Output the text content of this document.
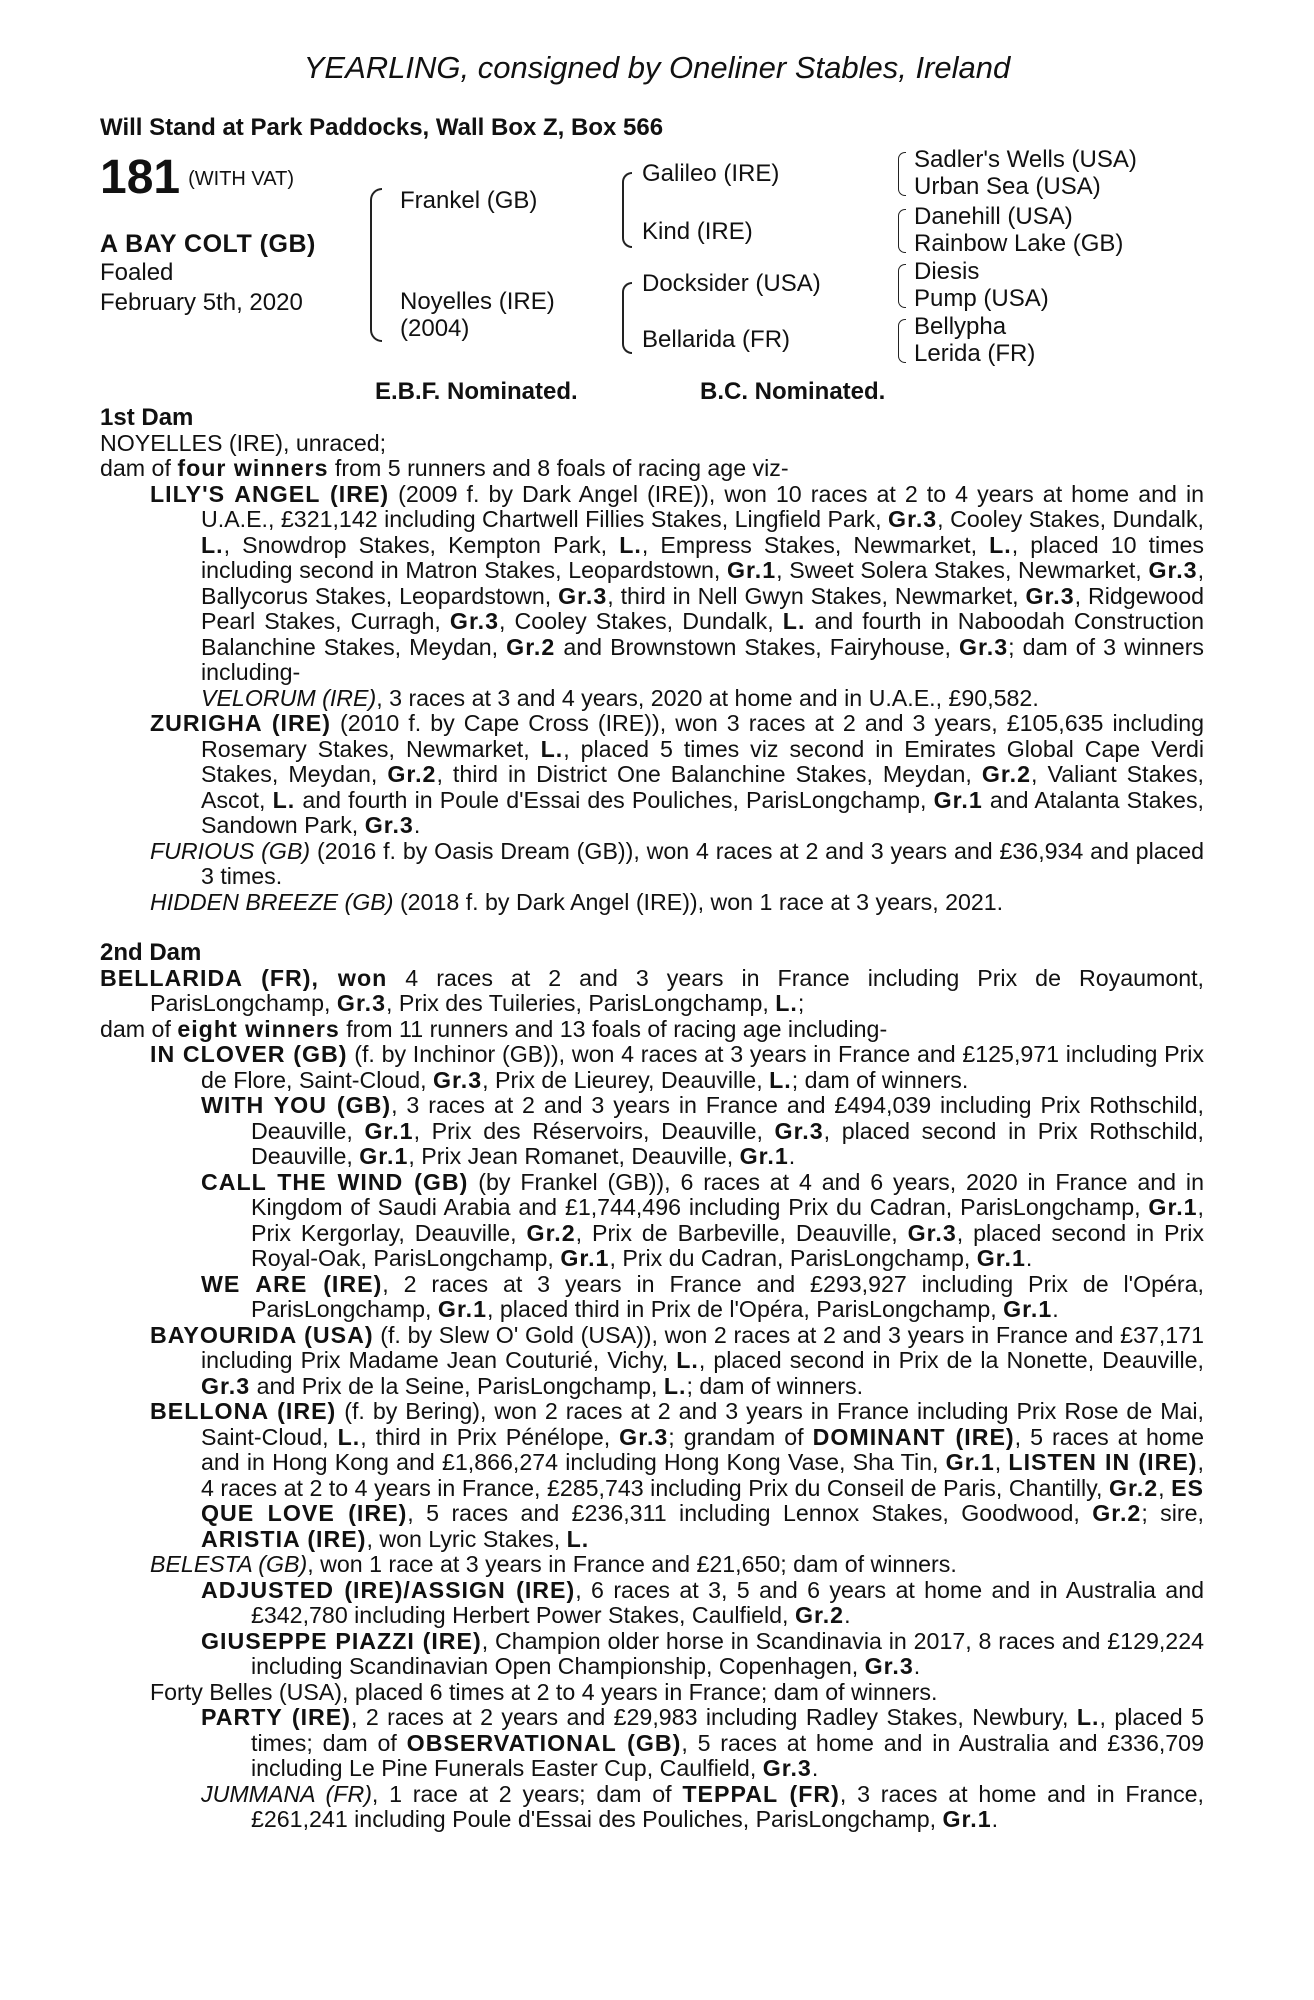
YEARLING, consigned by Oneliner Stables, Ireland
Will Stand at Park Paddocks, Wall Box Z, Box 566
181 (WITH VAT)
A BAY COLT (GB)
Foaled
February 5th, 2020
Frankel (GB)
Noyelles (IRE)
(2004)
Galileo (IRE)
Kind (IRE)
Docksider (USA)
Bellarida (FR)
Sadler's Wells (USA)
Urban Sea (USA)
Danehill (USA)
Rainbow Lake (GB)
Diesis
Pump (USA)
Bellypha
Lerida (FR)
E.B.F. Nominated.	B.C. Nominated.
1st Dam
NOYELLES (IRE), unraced;
dam of four winners from 5 runners and 8 foals of racing age viz-
LILY'S ANGEL (IRE) (2009 f. by Dark Angel (IRE)), won 10 races at 2 to 4 years at home and in U.A.E., £321,142 including Chartwell Fillies Stakes, Lingfield Park, Gr.3, Cooley Stakes, Dundalk, L., Snowdrop Stakes, Kempton Park, L., Empress Stakes, Newmarket, L., placed 10 times including second in Matron Stakes, Leopardstown, Gr.1, Sweet Solera Stakes, Newmarket, Gr.3, Ballycorus Stakes, Leopardstown, Gr.3, third in Nell Gwyn Stakes, Newmarket, Gr.3, Ridgewood Pearl Stakes, Curragh, Gr.3, Cooley Stakes, Dundalk, L. and fourth in Naboodah Construction Balanchine Stakes, Meydan, Gr.2 and Brownstown Stakes, Fairyhouse, Gr.3; dam of 3 winners including-
VELORUM (IRE), 3 races at 3 and 4 years, 2020 at home and in U.A.E., £90,582.
ZURIGHA (IRE) (2010 f. by Cape Cross (IRE)), won 3 races at 2 and 3 years, £105,635 including Rosemary Stakes, Newmarket, L., placed 5 times viz second in Emirates Global Cape Verdi Stakes, Meydan, Gr.2, third in District One Balanchine Stakes, Meydan, Gr.2, Valiant Stakes, Ascot, L. and fourth in Poule d'Essai des Pouliches, ParisLongchamp, Gr.1 and Atalanta Stakes, Sandown Park, Gr.3.
FURIOUS (GB) (2016 f. by Oasis Dream (GB)), won 4 races at 2 and 3 years and £36,934 and placed 3 times.
HIDDEN BREEZE (GB) (2018 f. by Dark Angel (IRE)), won 1 race at 3 years, 2021.
2nd Dam
BELLARIDA (FR), won 4 races at 2 and 3 years in France including Prix de Royaumont, ParisLongchamp, Gr.3, Prix des Tuileries, ParisLongchamp, L.;
dam of eight winners from 11 runners and 13 foals of racing age including-
IN CLOVER (GB) (f. by Inchinor (GB)), won 4 races at 3 years in France and £125,971 including Prix de Flore, Saint-Cloud, Gr.3, Prix de Lieurey, Deauville, L.; dam of winners.
WITH YOU (GB), 3 races at 2 and 3 years in France and £494,039 including Prix Rothschild, Deauville, Gr.1, Prix des Réservoirs, Deauville, Gr.3, placed second in Prix Rothschild, Deauville, Gr.1, Prix Jean Romanet, Deauville, Gr.1.
CALL THE WIND (GB) (by Frankel (GB)), 6 races at 4 and 6 years, 2020 in France and in Kingdom of Saudi Arabia and £1,744,496 including Prix du Cadran, ParisLongchamp, Gr.1, Prix Kergorlay, Deauville, Gr.2, Prix de Barbeville, Deauville, Gr.3, placed second in Prix Royal-Oak, ParisLongchamp, Gr.1, Prix du Cadran, ParisLongchamp, Gr.1.
WE ARE (IRE), 2 races at 3 years in France and £293,927 including Prix de l'Opéra, ParisLongchamp, Gr.1, placed third in Prix de l'Opéra, ParisLongchamp, Gr.1.
BAYOURIDA (USA) (f. by Slew O' Gold (USA)), won 2 races at 2 and 3 years in France and £37,171 including Prix Madame Jean Couturié, Vichy, L., placed second in Prix de la Nonette, Deauville, Gr.3 and Prix de la Seine, ParisLongchamp, L.; dam of winners.
BELLONA (IRE) (f. by Bering), won 2 races at 2 and 3 years in France including Prix Rose de Mai, Saint-Cloud, L., third in Prix Pénélope, Gr.3; grandam of DOMINANT (IRE), 5 races at home and in Hong Kong and £1,866,274 including Hong Kong Vase, Sha Tin, Gr.1, LISTEN IN (IRE), 4 races at 2 to 4 years in France, £285,743 including Prix du Conseil de Paris, Chantilly, Gr.2, ES QUE LOVE (IRE), 5 races and £236,311 including Lennox Stakes, Goodwood, Gr.2; sire, ARISTIA (IRE), won Lyric Stakes, L.
BELESTA (GB), won 1 race at 3 years in France and £21,650; dam of winners.
ADJUSTED (IRE)/ASSIGN (IRE), 6 races at 3, 5 and 6 years at home and in Australia and £342,780 including Herbert Power Stakes, Caulfield, Gr.2.
GIUSEPPE PIAZZI (IRE), Champion older horse in Scandinavia in 2017, 8 races and £129,224 including Scandinavian Open Championship, Copenhagen, Gr.3.
Forty Belles (USA), placed 6 times at 2 to 4 years in France; dam of winners.
PARTY (IRE), 2 races at 2 years and £29,983 including Radley Stakes, Newbury, L., placed 5 times; dam of OBSERVATIONAL (GB), 5 races at home and in Australia and £336,709 including Le Pine Funerals Easter Cup, Caulfield, Gr.3.
JUMMANA (FR), 1 race at 2 years; dam of TEPPAL (FR), 3 races at home and in France, £261,241 including Poule d'Essai des Pouliches, ParisLongchamp, Gr.1.
